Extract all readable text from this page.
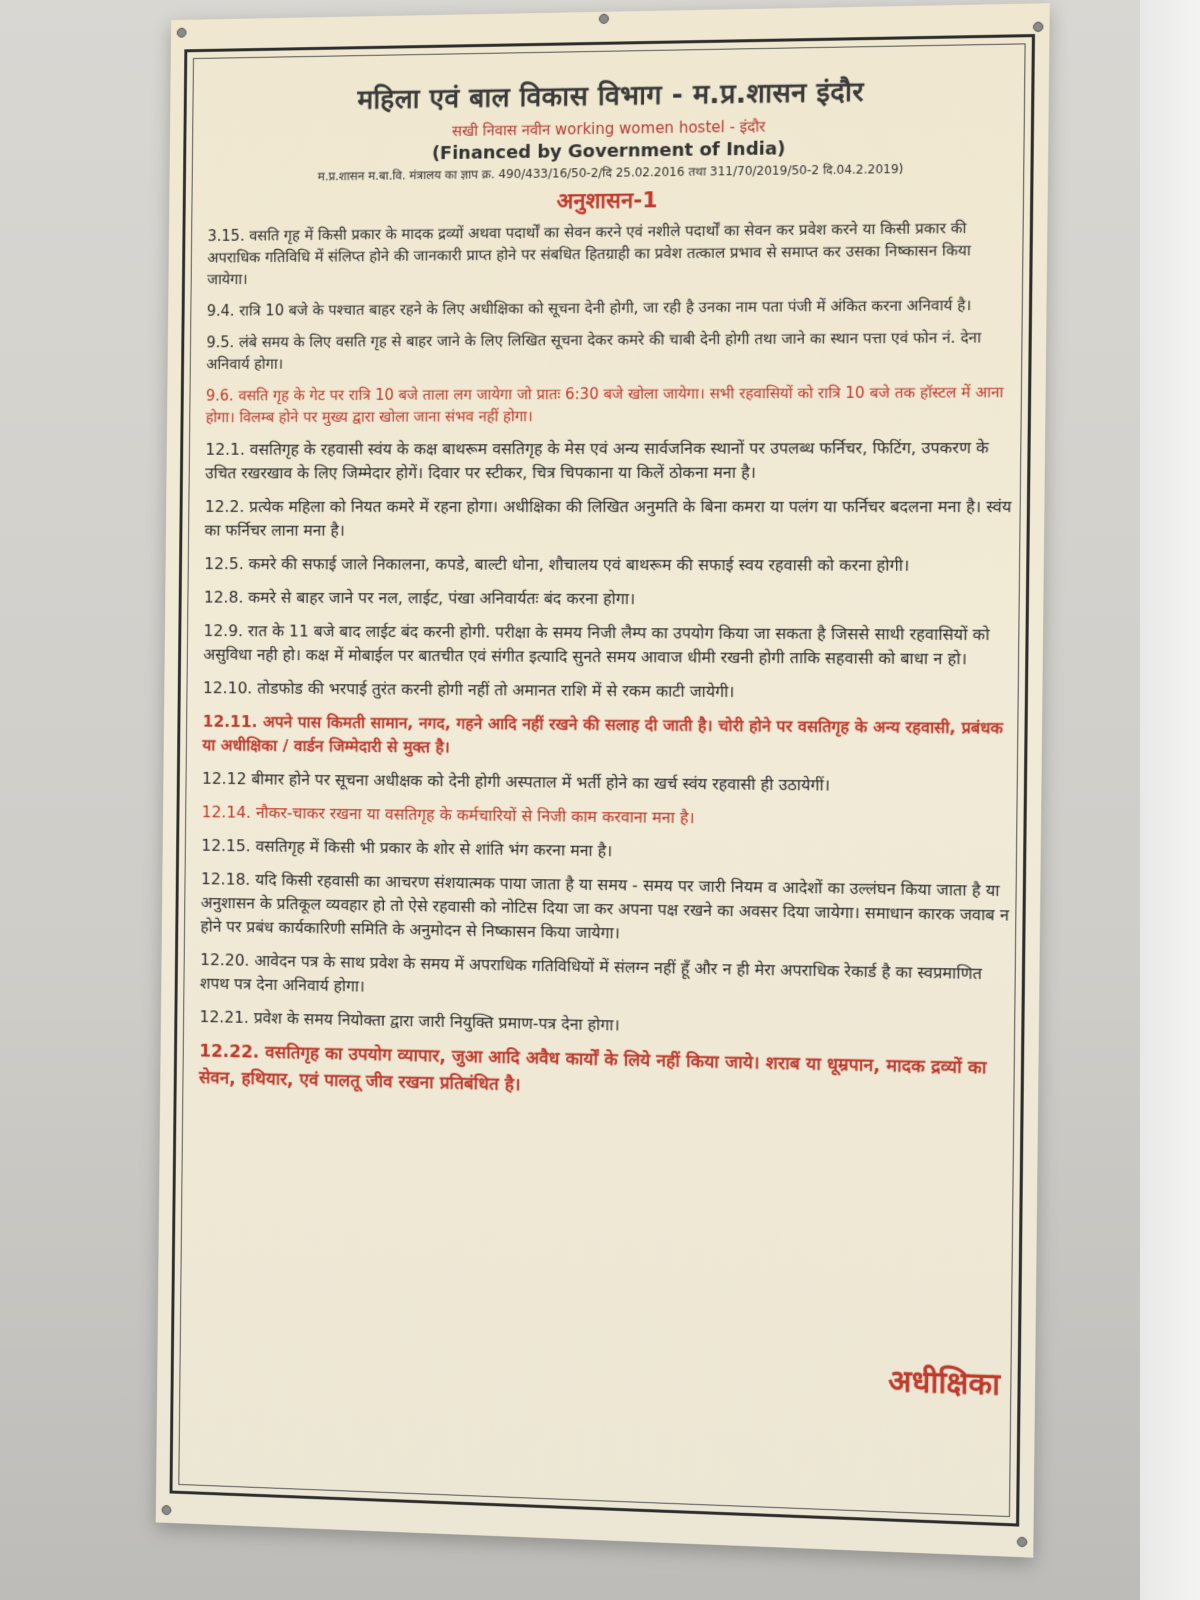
महिला एवं बाल विकास विभाग - म.प्र.शासन इंदौर
सखी निवास नवीन working women hostel - इंदौर
(Financed by Government of India)
म.प्र.शासन म.बा.वि. मंत्रालय का ज्ञाप क्र. 490/433/16/50-2/दि 25.02.2016 तथा 311/70/2019/50-2 दि.04.2.2019)
अनुशासन-1
3.15. वसति गृह में किसी प्रकार के मादक द्रव्यों अथवा पदार्थों का सेवन करने एवं नशीले पदार्थों का सेवन कर प्रवेश करने या किसी प्रकार की अपराधिक गतिविधि में संलिप्त होने की जानकारी प्राप्त होने पर संबधित हितग्राही का प्रवेश तत्काल प्रभाव से समाप्त कर उसका निष्कासन किया जायेगा।
9.4. रात्रि 10 बजे के पश्चात बाहर रहने के लिए अधीक्षिका को सूचना देनी होगी, जा रही है उनका नाम पता पंजी में अंकित करना अनिवार्य है।
9.5. लंबे समय के लिए वसति गृह से बाहर जाने के लिए लिखित सूचना देकर कमरे की चाबी देनी होगी तथा जाने का स्थान पत्ता एवं फोन नं. देना अनिवार्य होगा।
9.6. वसति गृह के गेट पर रात्रि 10 बजे ताला लग जायेगा जो प्रातः 6:30 बजे खोला जायेगा। सभी रहवासियों को रात्रि 10 बजे तक हॉस्टल में आना होगा। विलम्ब होने पर मुख्य द्वारा खोला जाना संभव नहीं होगा।
12.1. वसतिगृह के रहवासी स्वंय के कक्ष बाथरूम वसतिगृह के मेस एवं अन्य सार्वजनिक स्थानों पर उपलब्ध फर्निचर, फिटिंग, उपकरण के उचित रखरखाव के लिए जिम्मेदार होगें। दिवार पर स्टीकर, चित्र चिपकाना या किलें ठोकना मना है।
12.2. प्रत्येक महिला को नियत कमरे में रहना होगा। अधीक्षिका की लिखित अनुमति के बिना कमरा या पलंग या फर्निचर बदलना मना है। स्वंय का फर्निचर लाना मना है।
12.5. कमरे की सफाई जाले निकालना, कपडे, बाल्टी धोना, शौचालय एवं बाथरूम की सफाई स्वय रहवासी को करना होगी।
12.8. कमरे से बाहर जाने पर नल, लाईट, पंखा अनिवार्यतः बंद करना होगा।
12.9. रात के 11 बजे बाद लाईट बंद करनी होगी. परीक्षा के समय निजी लैम्प का उपयोग किया जा सकता है जिससे साथी रहवासियों को असुविधा नही हो। कक्ष में मोबाईल पर बातचीत एवं संगीत इत्यादि सुनते समय आवाज धीमी रखनी होगी ताकि सहवासी को बाधा न हो।
12.10. तोडफोड की भरपाई तुरंत करनी होगी नहीं तो अमानत राशि में से रकम काटी जायेगी।
12.11. अपने पास किमती सामान, नगद, गहने आदि नहीं रखने की सलाह दी जाती है। चोरी होने पर वसतिगृह के अन्य रहवासी, प्रबंधक या अधीक्षिका / वार्डन जिम्मेदारी से मुक्त है।
12.12 बीमार होने पर सूचना अधीक्षक को देनी होगी अस्पताल में भर्ती होने का खर्च स्वंय रहवासी ही उठायेगीं।
12.14. नौकर-चाकर रखना या वसतिगृह के कर्मचारियों से निजी काम करवाना मना है।
12.15. वसतिगृह में किसी भी प्रकार के शोर से शांति भंग करना मना है।
12.18. यदि किसी रहवासी का आचरण संशयात्मक पाया जाता है या समय - समय पर जारी नियम व आदेशों का उल्लंघन किया जाता है या अनुशासन के प्रतिकूल व्यवहार हो तो ऐसे रहवासी को नोटिस दिया जा कर अपना पक्ष रखने का अवसर दिया जायेगा। समाधान कारक जवाब न होने पर प्रबंध कार्यकारिणी समिति के अनुमोदन से निष्कासन किया जायेगा।
12.20. आवेदन पत्र के साथ प्रवेश के समय में अपराधिक गतिविधियों में संलग्न नहीं हूँ और न ही मेरा अपराधिक रेकार्ड है का स्वप्रमाणित शपथ पत्र देना अनिवार्य होगा।
12.21. प्रवेश के समय नियोक्ता द्वारा जारी नियुक्ति प्रमाण-पत्र देना होगा।
12.22. वसतिगृह का उपयोग व्यापार, जुआ आदि अवैध कार्यों के लिये नहीं किया जाये। शराब या धूम्रपान, मादक द्रव्यों का सेवन, हथियार, एवं पालतू जीव रखना प्रतिबंधित है।
अधीक्षिका
